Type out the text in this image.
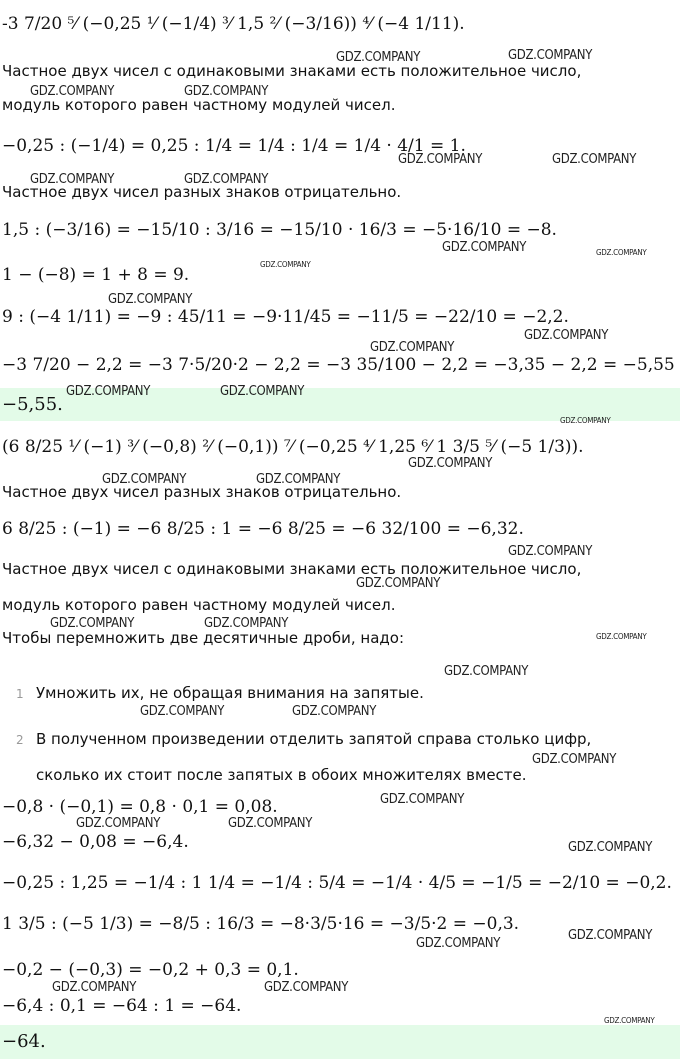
-3 7/20 ⁵⁄ (−0,25 ¹⁄ (−1/4) ³⁄ 1,5 ²⁄ (−3/16)) ⁴⁄ (−4 1/11).
Частное двух чисел с одинаковыми знаками есть положительное число,
модуль которого равен частному модулей чисел.
−0,25 : (−1/4) = 0,25 : 1/4 = 1/4 : 1/4 = 1/4 · 4/1 = 1.
Частное двух чисел разных знаков отрицательно.
1,5 : (−3/16) = −15/10 : 3/16 = −15/10 · 16/3 = −5·16/10 = −8.
1 − (−8) = 1 + 8 = 9.
9 : (−4 1/11) = −9 : 45/11 = −9·11/45 = −11/5 = −22/10 = −2,2.
−3 7/20 − 2,2 = −3 7·5/20·2 − 2,2 = −3 35/100 − 2,2 = −3,35 − 2,2 = −5,55
−5,55.
(6 8/25 ¹⁄ (−1) ³⁄ (−0,8) ²⁄ (−0,1)) ⁷⁄ (−0,25 ⁴⁄ 1,25 ⁶⁄ 1 3/5 ⁵⁄ (−5 1/3)).
Частное двух чисел разных знаков отрицательно.
6 8/25 : (−1) = −6 8/25 : 1 = −6 8/25 = −6 32/100 = −6,32.
Частное двух чисел с одинаковыми знаками есть положительное число,
модуль которого равен частному модулей чисел.
Чтобы перемножить две десятичные дроби, надо:
1 Умножить их, не обращая внимания на запятые.
2 В полученном произведении отделить запятой справа столько цифр,
сколько их стоит после запятых в обоих множителях вместе.
−0,8 · (−0,1) = 0,8 · 0,1 = 0,08.
−6,32 − 0,08 = −6,4.
−0,25 : 1,25 = −1/4 : 1 1/4 = −1/4 : 5/4 = −1/4 · 4/5 = −1/5 = −2/10 = −0,2.
1 3/5 : (−5 1/3) = −8/5 : 16/3 = −8·3/5·16 = −3/5·2 = −0,3.
−0,2 − (−0,3) = −0,2 + 0,3 = 0,1.
−6,4 : 0,1 = −64 : 1 = −64.
−64.
GDZ.COMPANY	GDZ.COMPANY
GDZ.COMPANY	GDZ.COMPANY
GDZ.COMPANY	GDZ.COMPANY
GDZ.COMPANY	GDZ.COMPANY
GDZ.COMPANY	GDZ.COMPANY
GDZ.COMPANY
GDZ.COMPANY
GDZ.COMPANY
GDZ.COMPANY
GDZ.COMPANY	GDZ.COMPANY
GDZ.COMPANY
GDZ.COMPANY
GDZ.COMPANY	GDZ.COMPANY
GDZ.COMPANY
GDZ.COMPANY
GDZ.COMPANY	GDZ.COMPANY
GDZ.COMPANY
GDZ.COMPANY
GDZ.COMPANY	GDZ.COMPANY
GDZ.COMPANY
GDZ.COMPANY
GDZ.COMPANY	GDZ.COMPANY
GDZ.COMPANY
GDZ.COMPANY
GDZ.COMPANY
GDZ.COMPANY	GDZ.COMPANY
GDZ.COMPANY
